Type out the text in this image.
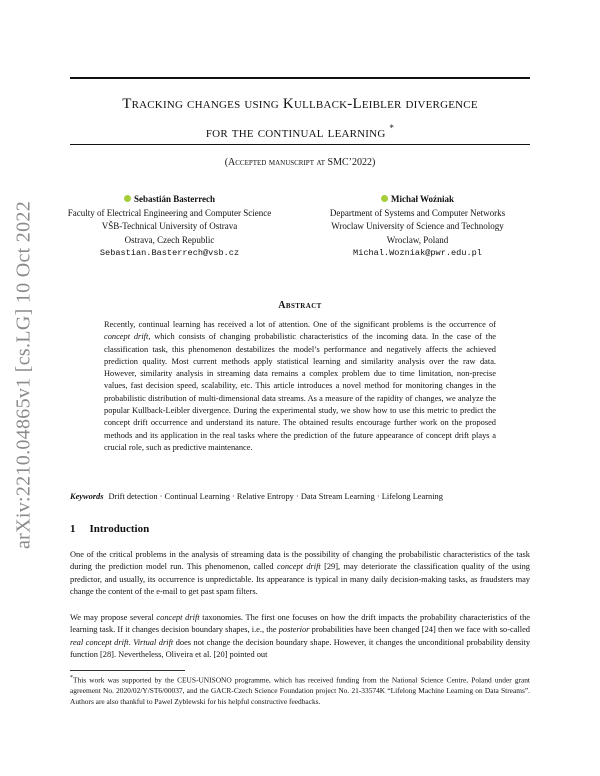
arXiv:2210.04865v1 [cs.LG] 10 Oct 2022
Tracking changes using Kullback-Leibler divergence
for the continual learning *
(Accepted manuscript at SMC’2022)
Sebastián Basterrech
Faculty of Electrical Engineering and Computer Science
VŠB-Technical University of Ostrava
Ostrava, Czech Republic
Sebastian.Basterrech@vsb.cz
Michał Woźniak
Department of Systems and Computer Networks
Wroclaw University of Science and Technology
Wroclaw, Poland
Michal.Wozniak@pwr.edu.pl
Abstract
Recently, continual learning has received a lot of attention. One of the significant problems is the occurrence of concept drift, which consists of changing probabilistic characteristics of the incoming data. In the case of the classification task, this phenomenon destabilizes the model’s performance and negatively affects the achieved prediction quality. Most current methods apply statistical learning and similarity analysis over the raw data. However, similarity analysis in streaming data remains a complex problem due to time limitation, non-precise values, fast decision speed, scalability, etc. This article introduces a novel method for monitoring changes in the probabilistic distribution of multi-dimensional data streams. As a measure of the rapidity of changes, we analyze the popular Kullback-Leibler divergence. During the experimental study, we show how to use this metric to predict the concept drift occurrence and understand its nature. The obtained results encourage further work on the proposed methods and its application in the real tasks where the prediction of the future appearance of concept drift plays a crucial role, such as predictive maintenance.
Keywords Drift detection · Continual Learning · Relative Entropy · Data Stream Learning · Lifelong Learning
1 Introduction
One of the critical problems in the analysis of streaming data is the possibility of changing the probabilistic characteristics of the task during the prediction model run. This phenomenon, called concept drift [29], may deteriorate the classification quality of the using predictor, and usually, its occurrence is unpredictable. Its appearance is typical in many daily decision-making tasks, as fraudsters may change the content of the e-mail to get past spam filters.
We may propose several concept drift taxonomies. The first one focuses on how the drift impacts the probability characteristics of the learning task. If it changes decision boundary shapes, i.e., the posterior probabilities have been changed [24] then we face with so-called real concept drift. Virtual drift does not change the decision boundary shape. However, it changes the unconditional probability density function [28]. Nevertheless, Oliveira et al. [20] pointed out
*This work was supported by the CEUS-UNISONO programme, which has received funding from the National Science Centre, Poland under grant agreement No. 2020/02/Y/ST6/00037, and the GACR-Czech Science Foundation project No. 21-33574K “Lifelong Machine Learning on Data Streams”. Authors are also thankful to Pawel Zyblewski for his helpful constructive feedbacks.
